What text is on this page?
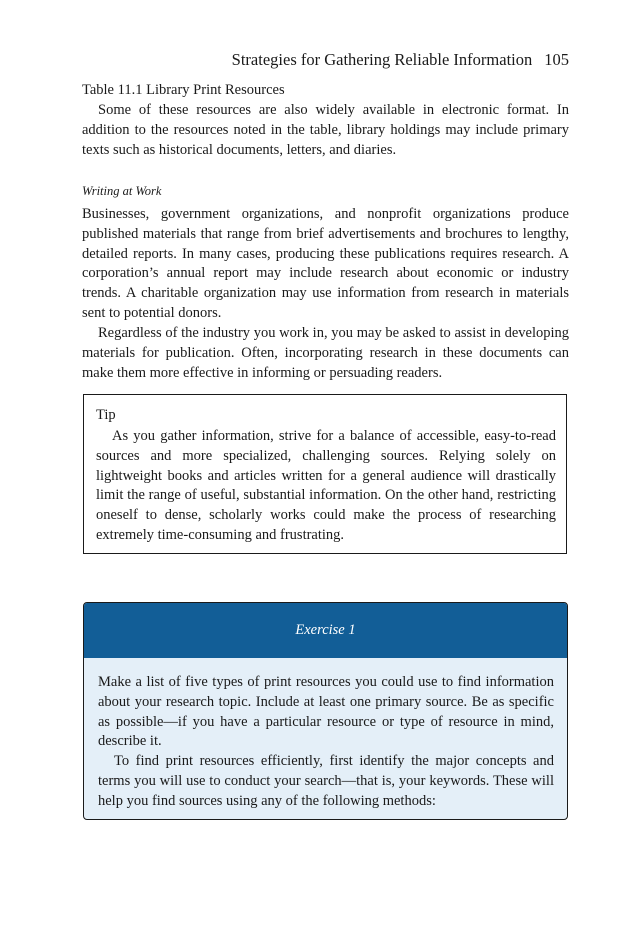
Strategies for Gathering Reliable Information 105
Table 11.1 Library Print Resources

Some of these resources are also widely available in electronic format. In addition to the resources noted in the table, library holdings may include primary texts such as historical documents, letters, and diaries.

Writing at Work

Businesses, government organizations, and nonprofit organizations produce published materials that range from brief advertisements and brochures to lengthy, detailed reports. In many cases, producing these publications requires research. A corporation’s annual report may include research about economic or industry trends. A charitable organization may use information from research in materials sent to potential donors.

Regardless of the industry you work in, you may be asked to assist in developing materials for publication. Often, incorporating research in these documents can make them more effective in informing or persuading readers.

Tip

As you gather information, strive for a balance of accessible, easy-to-read sources and more specialized, challenging sources. Relying solely on lightweight books and articles written for a general audience will drastically limit the range of useful, substantial information. On the other hand, restricting oneself to dense, scholarly works could make the process of researching extremely time-consuming and frustrating.

Exercise 1

Make a list of five types of print resources you could use to find information about your research topic. Include at least one primary source. Be as specific as possible—if you have a particular resource or type of resource in mind, describe it.

To find print resources efficiently, first identify the major concepts and terms you will use to conduct your search—that is, your keywords. These will help you find sources using any of the following methods:
